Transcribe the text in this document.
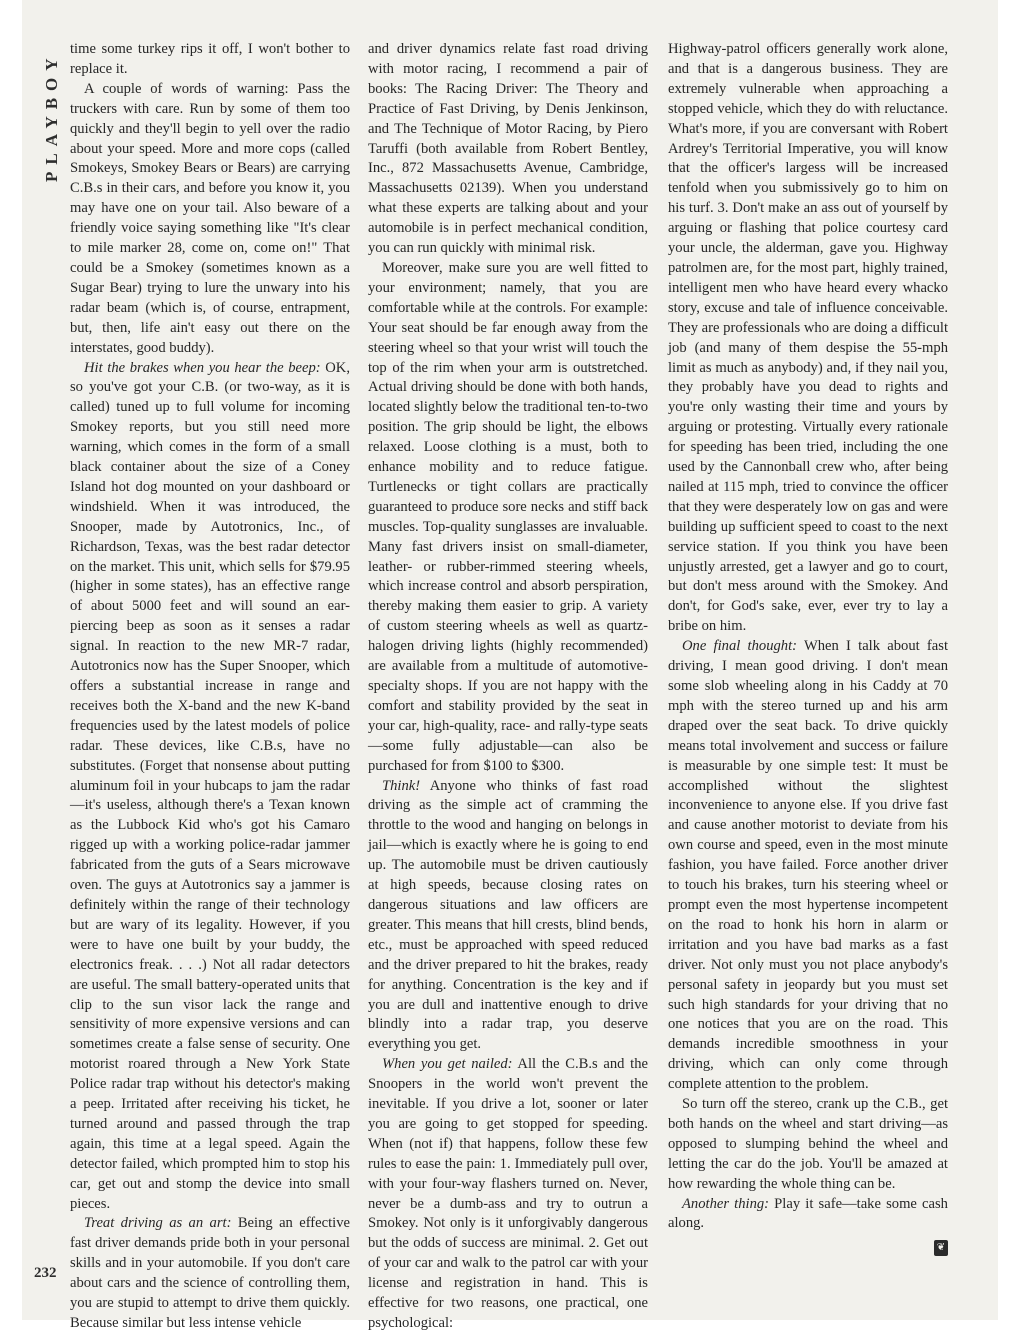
PLAYBOY
232

time some turkey rips it off, I won't bother to replace it.

A couple of words of warning: Pass the truckers with care. Run by some of them too quickly and they'll begin to yell over the radio about your speed. More and more cops (called Smokeys, Smokey Bears or Bears) are carrying C.B.s in their cars, and before you know it, you may have one on your tail. Also beware of a friendly voice saying something like "It's clear to mile marker 28, come on, come on!" That could be a Smokey (sometimes known as a Sugar Bear) trying to lure the unwary into his radar beam (which is, of course, entrapment, but, then, life ain't easy out there on the interstates, good buddy).

Hit the brakes when you hear the beep: OK, so you've got your C.B. (or two-way, as it is called) tuned up to full volume for incoming Smokey reports, but you still need more warning, which comes in the form of a small black container about the size of a Coney Island hot dog mounted on your dashboard or windshield. When it was introduced, the Snooper, made by Autotronics, Inc., of Richardson, Texas, was the best radar detector on the market. This unit, which sells for $79.95 (higher in some states), has an effective range of about 5000 feet and will sound an ear-piercing beep as soon as it senses a radar signal. In reaction to the new MR-7 radar, Autotronics now has the Super Snooper, which offers a substantial increase in range and receives both the X-band and the new K-band frequencies used by the latest models of police radar. These devices, like C.B.s, have no substitutes. (Forget that nonsense about putting aluminum foil in your hubcaps to jam the radar—it's useless, although there's a Texan known as the Lubbock Kid who's got his Camaro rigged up with a working police-radar jammer fabricated from the guts of a Sears microwave oven. The guys at Autotronics say a jammer is definitely within the range of their technology but are wary of its legality. However, if you were to have one built by your buddy, the electronics freak. . . .) Not all radar detectors are useful. The small battery-operated units that clip to the sun visor lack the range and sensitivity of more expensive versions and can sometimes create a false sense of security. One motorist roared through a New York State Police radar trap without his detector's making a peep. Irritated after receiving his ticket, he turned around and passed through the trap again, this time at a legal speed. Again the detector failed, which prompted him to stop his car, get out and stomp the device into small pieces.

Treat driving as an art: Being an effective fast driver demands pride both in your personal skills and in your automobile. If you don't care about cars and the science of controlling them, you are stupid to attempt to drive them quickly. Because similar but less intense vehicle

and driver dynamics relate fast road driving with motor racing, I recommend a pair of books: The Racing Driver: The Theory and Practice of Fast Driving, by Denis Jenkinson, and The Technique of Motor Racing, by Piero Taruffi (both available from Robert Bentley, Inc., 872 Massachusetts Avenue, Cambridge, Massachusetts 02139). When you understand what these experts are talking about and your automobile is in perfect mechanical condition, you can run quickly with minimal risk.

Moreover, make sure you are well fitted to your environment; namely, that you are comfortable while at the controls. For example: Your seat should be far enough away from the steering wheel so that your wrist will touch the top of the rim when your arm is outstretched. Actual driving should be done with both hands, located slightly below the traditional ten-to-two position. The grip should be light, the elbows relaxed. Loose clothing is a must, both to enhance mobility and to reduce fatigue. Turtlenecks or tight collars are practically guaranteed to produce sore necks and stiff back muscles. Top-quality sunglasses are invaluable. Many fast drivers insist on small-diameter, leather- or rubber-rimmed steering wheels, which increase control and absorb perspiration, thereby making them easier to grip. A variety of custom steering wheels as well as quartz-halogen driving lights (highly recommended) are available from a multitude of automotive-specialty shops. If you are not happy with the comfort and stability provided by the seat in your car, high-quality, race- and rally-type seats—some fully adjustable—can also be purchased for from $100 to $300.

Think! Anyone who thinks of fast road driving as the simple act of cramming the throttle to the wood and hanging on belongs in jail—which is exactly where he is going to end up. The automobile must be driven cautiously at high speeds, because closing rates on dangerous situations and law officers are greater. This means that hill crests, blind bends, etc., must be approached with speed reduced and the driver prepared to hit the brakes, ready for anything. Concentration is the key and if you are dull and inattentive enough to drive blindly into a radar trap, you deserve everything you get.

When you get nailed: All the C.B.s and the Snoopers in the world won't prevent the inevitable. If you drive a lot, sooner or later you are going to get stopped for speeding. When (not if) that happens, follow these few rules to ease the pain: 1. Immediately pull over, with your four-way flashers turned on. Never, never be a dumb-ass and try to outrun a Smokey. Not only is it unforgivably dangerous but the odds of success are minimal. 2. Get out of your car and walk to the patrol car with your license and registration in hand. This is effective for two reasons, one practical, one psychological:

Highway-patrol officers generally work alone, and that is a dangerous business. They are extremely vulnerable when approaching a stopped vehicle, which they do with reluctance. What's more, if you are conversant with Robert Ardrey's Territorial Imperative, you will know that the officer's largess will be increased tenfold when you submissively go to him on his turf. 3. Don't make an ass out of yourself by arguing or flashing that police courtesy card your uncle, the alderman, gave you. Highway patrolmen are, for the most part, highly trained, intelligent men who have heard every whacko story, excuse and tale of influence conceivable. They are professionals who are doing a difficult job (and many of them despise the 55-mph limit as much as anybody) and, if they nail you, they probably have you dead to rights and you're only wasting their time and yours by arguing or protesting. Virtually every rationale for speeding has been tried, including the one used by the Cannonball crew who, after being nailed at 115 mph, tried to convince the officer that they were desperately low on gas and were building up sufficient speed to coast to the next service station. If you think you have been unjustly arrested, get a lawyer and go to court, but don't mess around with the Smokey. And don't, for God's sake, ever, ever try to lay a bribe on him.

One final thought: When I talk about fast driving, I mean good driving. I don't mean some slob wheeling along in his Caddy at 70 mph with the stereo turned up and his arm draped over the seat back. To drive quickly means total involvement and success or failure is measurable by one simple test: It must be accomplished without the slightest inconvenience to anyone else. If you drive fast and cause another motorist to deviate from his own course and speed, even in the most minute fashion, you have failed. Force another driver to touch his brakes, turn his steering wheel or prompt even the most hypertense incompetent on the road to honk his horn in alarm or irritation and you have bad marks as a fast driver. Not only must you not place anybody's personal safety in jeopardy but you must set such high standards for your driving that no one notices that you are on the road. This demands incredible smoothness in your driving, which can only come through complete attention to the problem.

So turn off the stereo, crank up the C.B., get both hands on the wheel and start driving—as opposed to slumping behind the wheel and letting the car do the job. You'll be amazed at how rewarding the whole thing can be.

Another thing: Play it safe—take some cash along.

❦
